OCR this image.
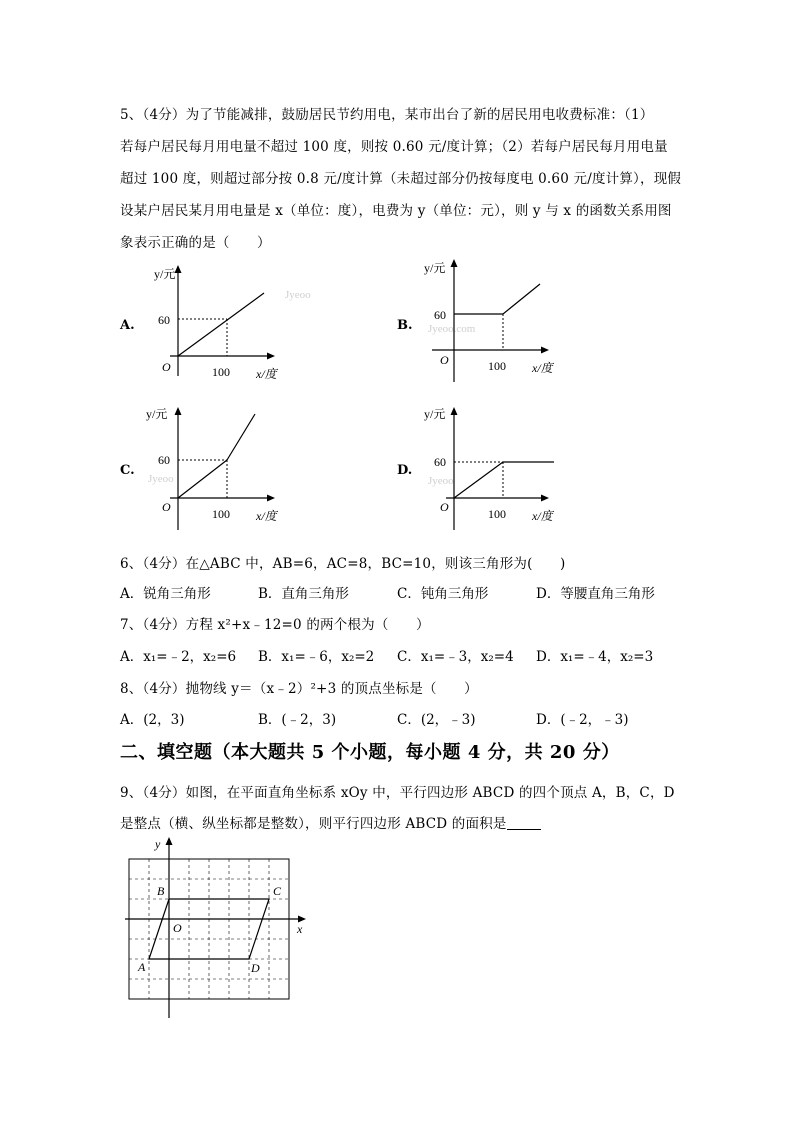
5、（4分）为了节能减排，鼓励居民节约用电，某市出台了新的居民用电收费标准：（1）
若每户居民每月用电量不超过 100 度，则按 0.60 元/度计算；（2）若每户居民每月用电量
超过 100 度，则超过部分按 0.8 元/度计算（未超过部分仍按每度电 0.60 元/度计算），现假
设某户居民某月用电量是 x（单位：度），电费为 y（单位：元），则 y 与 x 的函数关系用图
象表示正确的是（　　）
A.
Jyeoo
y/元
60
O	100 x/度
B. Jyeoo.com
y/元
60
O	100 x/度
C.
Jyeoo
y/元
60
O	100 x/度
D.
Jyeoo
y/元
60
O	100 x/度
6、（4分）在△ABC 中，AB=6，AC=8，BC=10，则该三角形为(　　)
A．锐角三角形	B．直角三角形	C．钝角三角形	D．等腰直角三角形
7、（4分）方程 x²+x﹣12=0 的两个根为（　　）
A．x₁=﹣2，x₂=6 B．x₁=﹣6，x₂=2 C．x₁=﹣3，x₂=4 D．x₁=﹣4，x₂=3
8、（4分）抛物线 y＝（x﹣2）²+3 的顶点坐标是（　　）
A．(2，3)	B．(﹣2，3)	C．(2，﹣3)	D．(﹣2，﹣3)
二、填空题（本大题共 5 个小题，每小题 4 分，共 20 分）
9、（4分）如图，在平面直角坐标系 xOy 中，平行四边形 ABCD 的四个顶点 A，B，C，D
是整点（横、纵坐标都是整数），则平行四边形 ABCD 的面积是
O	x
y
A
B	C
D
